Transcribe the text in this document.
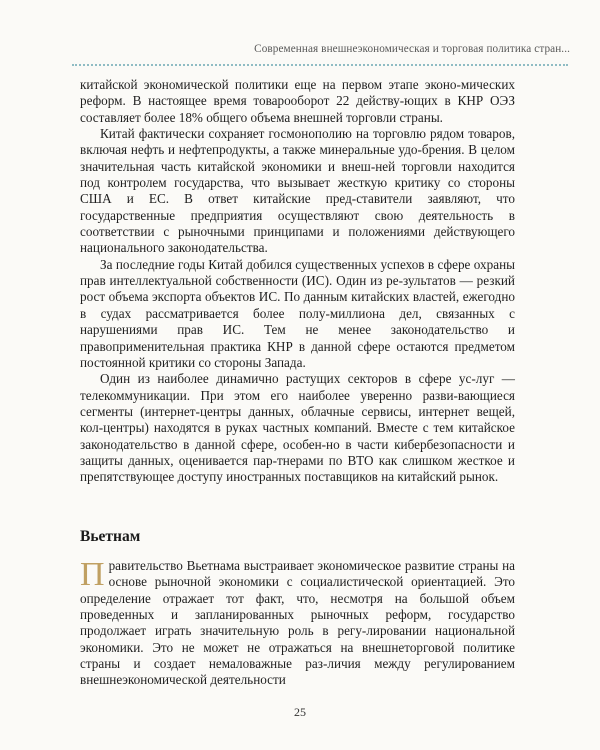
Современная внешнеэкономическая и торговая политика стран...

китайской экономической политики еще на первом этапе эконо-мических реформ. В настоящее время товарооборот 22 действу-ющих в КНР ОЭЗ составляет более 18% общего объема внешней торговли страны.

Китай фактически сохраняет госмонополию на торговлю рядом товаров, включая нефть и нефтепродукты, а также минеральные удо-брения. В целом значительная часть китайской экономики и внеш-ней торговли находится под контролем государства, что вызывает жесткую критику со стороны США и ЕС. В ответ китайские пред-ставители заявляют, что государственные предприятия осуществляют свою деятельность в соответствии с рыночными принципами и положениями действующего национального законодательства.

За последние годы Китай добился существенных успехов в сфере охраны прав интеллектуальной собственности (ИС). Один из ре-зультатов — резкий рост объема экспорта объектов ИС. По данным китайских властей, ежегодно в судах рассматривается более полу-миллиона дел, связанных с нарушениями прав ИС. Тем не менее законодательство и правоприменительная практика КНР в данной сфере остаются предметом постоянной критики со стороны Запада.

Один из наиболее динамично растущих секторов в сфере ус-луг — телекоммуникации. При этом его наиболее уверенно разви-вающиеся сегменты (интернет-центры данных, облачные сервисы, интернет вещей, кол-центры) находятся в руках частных компаний. Вместе с тем китайское законодательство в данной сфере, особен-но в части кибербезопасности и защиты данных, оценивается пар-тнерами по ВТО как слишком жесткое и препятствующее доступу иностранных поставщиков на китайский рынок.

Вьетнам

Правительство Вьетнама выстраивает экономическое развитие страны на основе рыночной экономики с социалистической ориентацией. Это определение отражает тот факт, что, несмотря на большой объем проведенных и запланированных рыночных реформ, государство продолжает играть значительную роль в регу-лировании национальной экономики. Это не может не отражаться на внешнеторговой политике страны и создает немаловажные раз-личия между регулированием внешнеэкономической деятельности

25
